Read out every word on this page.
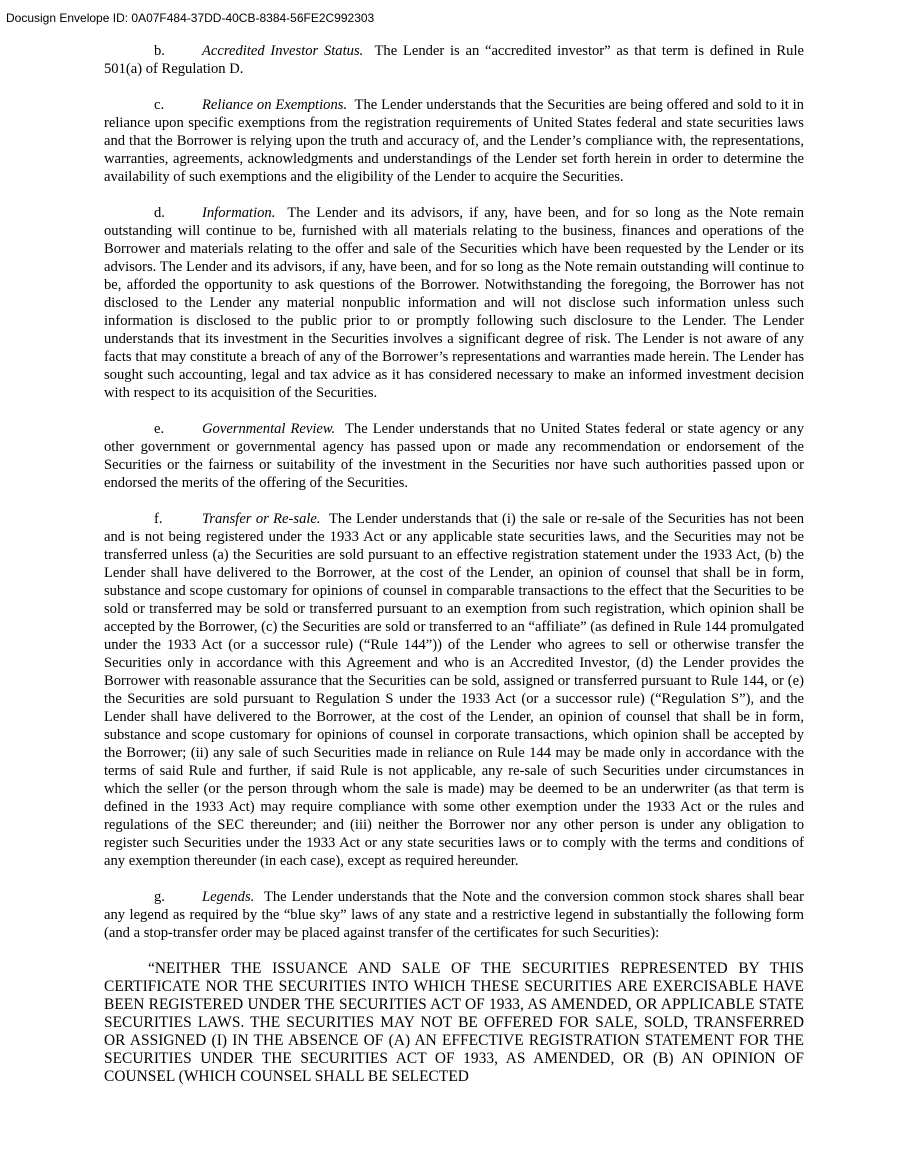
Docusign Envelope ID: 0A07F484-37DD-40CB-8384-56FE2C992303

b.	Accredited Investor Status. The Lender is an “accredited investor” as that term is defined in Rule 501(a) of Regulation D.

c.	Reliance on Exemptions. The Lender understands that the Securities are being offered and sold to it in reliance upon specific exemptions from the registration requirements of United States federal and state securities laws and that the Borrower is relying upon the truth and accuracy of, and the Lender’s compliance with, the representations, warranties, agreements, acknowledgments and understandings of the Lender set forth herein in order to determine the availability of such exemptions and the eligibility of the Lender to acquire the Securities.

d.	Information. The Lender and its advisors, if any, have been, and for so long as the Note remain outstanding will continue to be, furnished with all materials relating to the business, finances and operations of the Borrower and materials relating to the offer and sale of the Securities which have been requested by the Lender or its advisors. The Lender and its advisors, if any, have been, and for so long as the Note remain outstanding will continue to be, afforded the opportunity to ask questions of the Borrower. Notwithstanding the foregoing, the Borrower has not disclosed to the Lender any material nonpublic information and will not disclose such information unless such information is disclosed to the public prior to or promptly following such disclosure to the Lender. The Lender understands that its investment in the Securities involves a significant degree of risk. The Lender is not aware of any facts that may constitute a breach of any of the Borrower’s representations and warranties made herein. The Lender has sought such accounting, legal and tax advice as it has considered necessary to make an informed investment decision with respect to its acquisition of the Securities.

e.	Governmental Review. The Lender understands that no United States federal or state agency or any other government or governmental agency has passed upon or made any recommendation or endorsement of the Securities or the fairness or suitability of the investment in the Securities nor have such authorities passed upon or endorsed the merits of the offering of the Securities.

f.	Transfer or Re-sale. The Lender understands that (i) the sale or re-sale of the Securities has not been and is not being registered under the 1933 Act or any applicable state securities laws, and the Securities may not be transferred unless (a) the Securities are sold pursuant to an effective registration statement under the 1933 Act, (b) the Lender shall have delivered to the Borrower, at the cost of the Lender, an opinion of counsel that shall be in form, substance and scope customary for opinions of counsel in comparable transactions to the effect that the Securities to be sold or transferred may be sold or transferred pursuant to an exemption from such registration, which opinion shall be accepted by the Borrower, (c) the Securities are sold or transferred to an “affiliate” (as defined in Rule 144 promulgated under the 1933 Act (or a successor rule) (“Rule 144”)) of the Lender who agrees to sell or otherwise transfer the Securities only in accordance with this Agreement and who is an Accredited Investor, (d) the Lender provides the Borrower with reasonable assurance that the Securities can be sold, assigned or transferred pursuant to Rule 144, or (e) the Securities are sold pursuant to Regulation S under the 1933 Act (or a successor rule) (“Regulation S”), and the Lender shall have delivered to the Borrower, at the cost of the Lender, an opinion of counsel that shall be in form, substance and scope customary for opinions of counsel in corporate transactions, which opinion shall be accepted by the Borrower; (ii) any sale of such Securities made in reliance on Rule 144 may be made only in accordance with the terms of said Rule and further, if said Rule is not applicable, any re-sale of such Securities under circumstances in which the seller (or the person through whom the sale is made) may be deemed to be an underwriter (as that term is defined in the 1933 Act) may require compliance with some other exemption under the 1933 Act or the rules and regulations of the SEC thereunder; and (iii) neither the Borrower nor any other person is under any obligation to register such Securities under the 1933 Act or any state securities laws or to comply with the terms and conditions of any exemption thereunder (in each case), except as required hereunder.

g.	Legends. The Lender understands that the Note and the conversion common stock shares shall bear any legend as required by the “blue sky” laws of any state and a restrictive legend in substantially the following form (and a stop-transfer order may be placed against transfer of the certificates for such Securities):

“NEITHER THE ISSUANCE AND SALE OF THE SECURITIES REPRESENTED BY THIS CERTIFICATE NOR THE SECURITIES INTO WHICH THESE SECURITIES ARE EXERCISABLE HAVE BEEN REGISTERED UNDER THE SECURITIES ACT OF 1933, AS AMENDED, OR APPLICABLE STATE SECURITIES LAWS. THE SECURITIES MAY NOT BE OFFERED FOR SALE, SOLD, TRANSFERRED OR ASSIGNED (I) IN THE ABSENCE OF (A) AN EFFECTIVE REGISTRATION STATEMENT FOR THE SECURITIES UNDER THE SECURITIES ACT OF 1933, AS AMENDED, OR (B) AN OPINION OF COUNSEL (WHICH COUNSEL SHALL BE SELECTED
